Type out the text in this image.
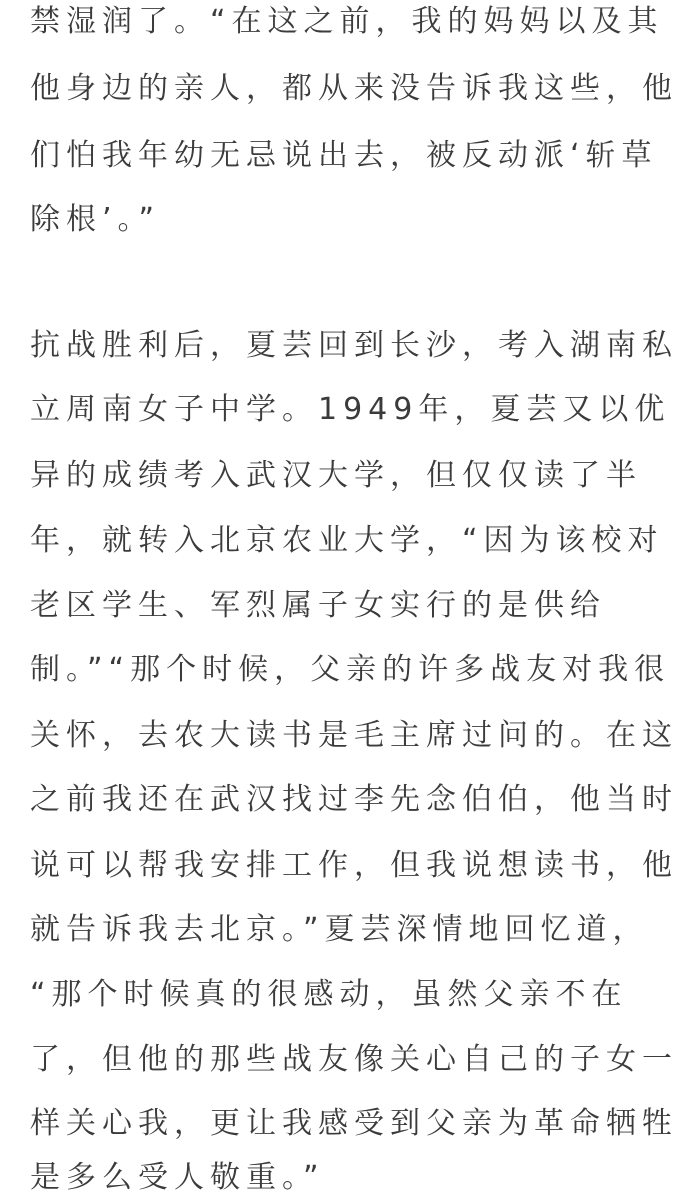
禁湿润了。“在这之前，我的妈妈以及其
他身边的亲人，都从来没告诉我这些，他
们怕我年幼无忌说出去，被反动派‘斩草
除根’。”
抗战胜利后，夏芸回到长沙，考入湖南私
立周南女子中学。1949年，夏芸又以优
异的成绩考入武汉大学，但仅仅读了半
年，就转入北京农业大学，“因为该校对
老区学生、军烈属子女实行的是供给
制。”“那个时候，父亲的许多战友对我很
关怀，去农大读书是毛主席过问的。在这
之前我还在武汉找过李先念伯伯，他当时
说可以帮我安排工作，但我说想读书，他
就告诉我去北京。”夏芸深情地回忆道，
“那个时候真的很感动，虽然父亲不在
了，但他的那些战友像关心自己的子女一
样关心我，更让我感受到父亲为革命牺牲
是多么受人敬重。”
